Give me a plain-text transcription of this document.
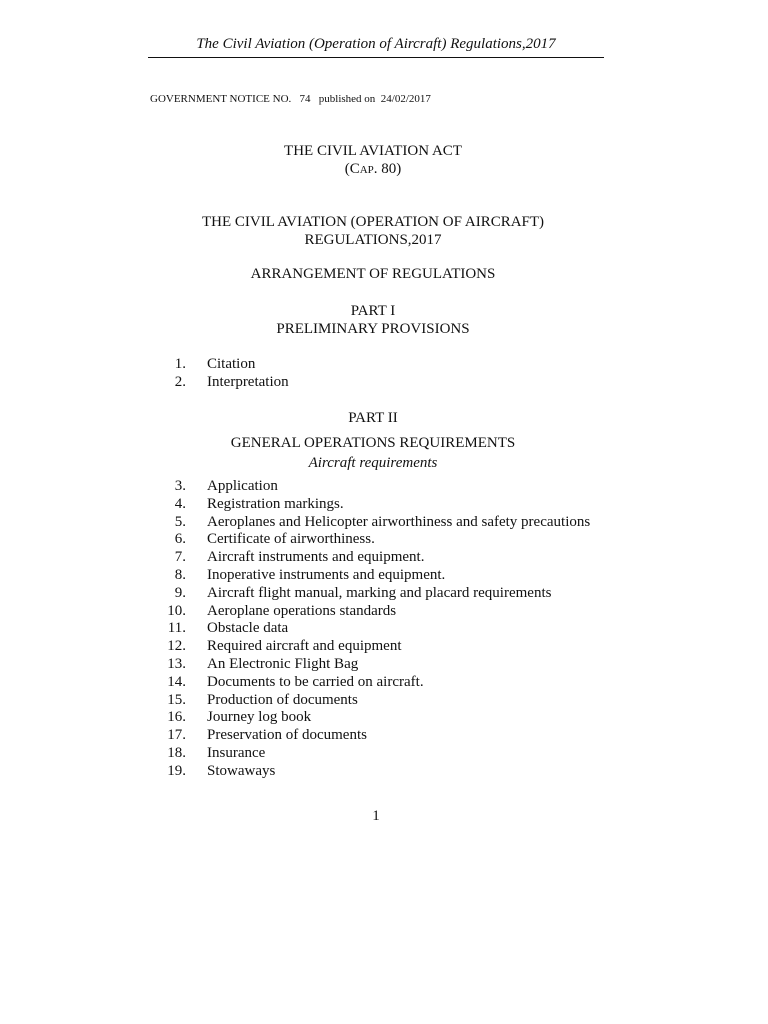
The Civil Aviation (Operation of Aircraft) Regulations,2017
GOVERNMENT NOTICE NO. 74 published on 24/02/2017
THE CIVIL AVIATION ACT
(Cap. 80)
THE CIVIL AVIATION (OPERATION OF AIRCRAFT)
REGULATIONS,2017
ARRANGEMENT OF REGULATIONS
PART I
PRELIMINARY PROVISIONS
1. Citation
2. Interpretation
PART II
GENERAL OPERATIONS REQUIREMENTS
Aircraft requirements
3. Application
4. Registration markings.
5. Aeroplanes and Helicopter airworthiness and safety precautions
6. Certificate of airworthiness.
7. Aircraft instruments and equipment.
8. Inoperative instruments and equipment.
9. Aircraft flight manual, marking and placard requirements
10. Aeroplane operations standards
11. Obstacle data
12. Required aircraft and equipment
13. An Electronic Flight Bag
14. Documents to be carried on aircraft.
15. Production of documents
16. Journey log book
17. Preservation of documents
18. Insurance
19. Stowaways
1
